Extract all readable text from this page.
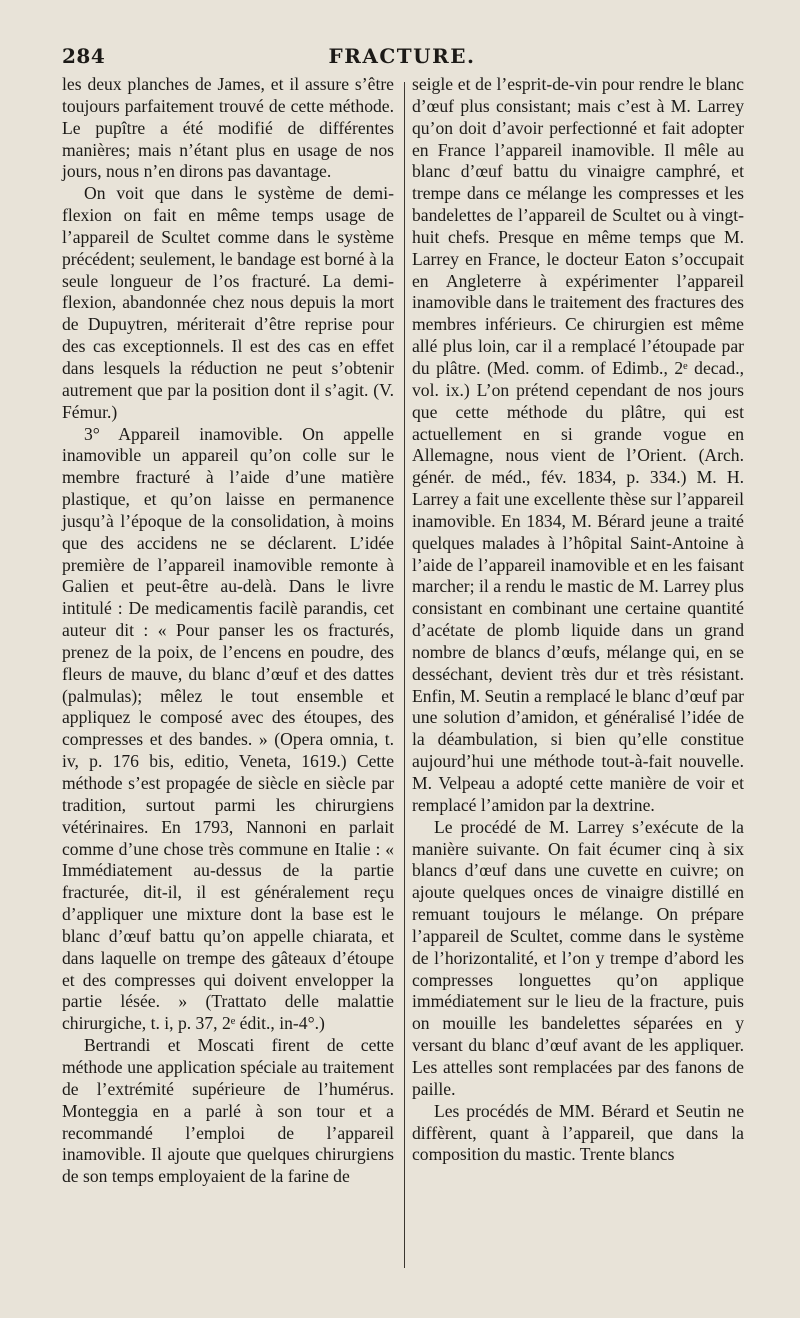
284	FRACTURE.

les deux planches de James, et il assure s’être toujours parfaitement trouvé de cette méthode. Le pupître a été modifié de différentes manières; mais n’étant plus en usage de nos jours, nous n’en dirons pas davantage.

On voit que dans le système de demi-flexion on fait en même temps usage de l’appareil de Scultet comme dans le système précédent; seulement, le bandage est borné à la seule longueur de l’os fracturé. La demi-flexion, abandonnée chez nous depuis la mort de Dupuytren, mériterait d’être reprise pour des cas exceptionnels. Il est des cas en effet dans lesquels la réduction ne peut s’obtenir autrement que par la position dont il s’agit. (V. Fémur.)

3° Appareil inamovible. On appelle inamovible un appareil qu’on colle sur le membre fracturé à l’aide d’une matière plastique, et qu’on laisse en permanence jusqu’à l’époque de la consolidation, à moins que des accidens ne se déclarent. L’idée première de l’appareil inamovible remonte à Galien et peut-être au-delà. Dans le livre intitulé : De medicamentis facilè parandis, cet auteur dit : « Pour panser les os fracturés, prenez de la poix, de l’encens en poudre, des fleurs de mauve, du blanc d’œuf et des dattes (palmulas); mêlez le tout ensemble et appliquez le composé avec des étoupes, des compresses et des bandes. » (Opera omnia, t. iv, p. 176 bis, editio, Veneta, 1619.) Cette méthode s’est propagée de siècle en siècle par tradition, surtout parmi les chirurgiens vétérinaires. En 1793, Nannoni en parlait comme d’une chose très commune en Italie : « Immédiatement au-dessus de la partie fracturée, dit-il, il est généralement reçu d’appliquer une mixture dont la base est le blanc d’œuf battu qu’on appelle chiarata, et dans laquelle on trempe des gâteaux d’étoupe et des compresses qui doivent envelopper la partie lésée. » (Trattato delle malattie chirurgiche, t. i, p. 37, 2ᵉ édit., in-4°.)

Bertrandi et Moscati firent de cette méthode une application spéciale au traitement de l’extrémité supérieure de l’humérus. Monteggia en a parlé à son tour et a recommandé l’emploi de l’appareil inamovible. Il ajoute que quelques chirurgiens de son temps employaient de la farine de

seigle et de l’esprit-de-vin pour rendre le blanc d’œuf plus consistant; mais c’est à M. Larrey qu’on doit d’avoir perfectionné et fait adopter en France l’appareil inamovible. Il mêle au blanc d’œuf battu du vinaigre camphré, et trempe dans ce mélange les compresses et les bandelettes de l’appareil de Scultet ou à vingt-huit chefs. Presque en même temps que M. Larrey en France, le docteur Eaton s’occupait en Angleterre à expérimenter l’appareil inamovible dans le traitement des fractures des membres inférieurs. Ce chirurgien est même allé plus loin, car il a remplacé l’étoupade par du plâtre. (Med. comm. of Edimb., 2ᵉ decad., vol. ix.) L’on prétend cependant de nos jours que cette méthode du plâtre, qui est actuellement en si grande vogue en Allemagne, nous vient de l’Orient. (Arch. génér. de méd., fév. 1834, p. 334.) M. H. Larrey a fait une excellente thèse sur l’appareil inamovible. En 1834, M. Bérard jeune a traité quelques malades à l’hôpital Saint-Antoine à l’aide de l’appareil inamovible et en les faisant marcher; il a rendu le mastic de M. Larrey plus consistant en combinant une certaine quantité d’acétate de plomb liquide dans un grand nombre de blancs d’œufs, mélange qui, en se desséchant, devient très dur et très résistant. Enfin, M. Seutin a remplacé le blanc d’œuf par une solution d’amidon, et généralisé l’idée de la déambulation, si bien qu’elle constitue aujourd’hui une méthode tout-à-fait nouvelle. M. Velpeau a adopté cette manière de voir et remplacé l’amidon par la dextrine.

Le procédé de M. Larrey s’exécute de la manière suivante. On fait écumer cinq à six blancs d’œuf dans une cuvette en cuivre; on ajoute quelques onces de vinaigre distillé en remuant toujours le mélange. On prépare l’appareil de Scultet, comme dans le système de l’horizontalité, et l’on y trempe d’abord les compresses longuettes qu’on applique immédiatement sur le lieu de la fracture, puis on mouille les bandelettes séparées en y versant du blanc d’œuf avant de les appliquer. Les attelles sont remplacées par des fanons de paille.

Les procédés de MM. Bérard et Seutin ne diffèrent, quant à l’appareil, que dans la composition du mastic. Trente blancs
